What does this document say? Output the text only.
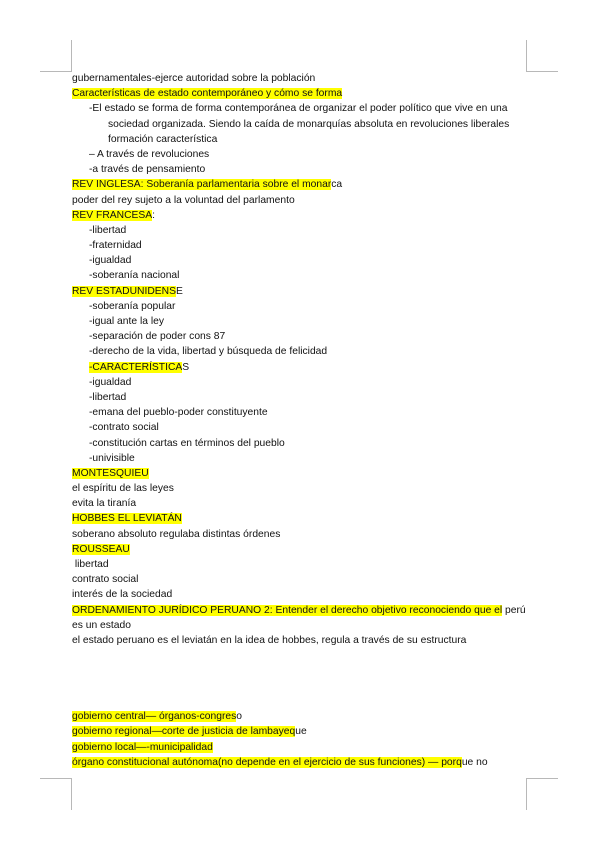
gubernamentales-ejerce autoridad sobre la población
Características de estado contemporáneo y cómo se forma
-El estado se forma de forma contemporánea de organizar el poder político que vive en una sociedad organizada. Siendo la caída de monarquías absoluta en revoluciones liberales formación característica
– A través de revoluciones
-a través de pensamiento
REV INGLESA: Soberanía parlamentaria sobre el monarca
poder del rey sujeto a la voluntad del parlamento
REV FRANCESA:
-libertad
-fraternidad
-igualdad
-soberanía nacional
REV ESTADUNIDENSE
-soberanía popular
-igual ante la ley
-separación de poder cons 87
-derecho de la vida, libertad y búsqueda de felicidad
-CARACTERÍSTICAS
-igualdad
-libertad
-emana del pueblo-poder constituyente
-contrato social
-constitución cartas en términos del pueblo
-univisible
MONTESQUIEU
el espíritu de las leyes
evita la tiranía
HOBBES EL LEVIATÁN
soberano absoluto regulaba distintas órdenes
ROUSSEAU
libertad
contrato social
interés de la sociedad
ORDENAMIENTO JURÍDICO PERUANO 2: Entender el derecho objetivo reconociendo que el perú
es un estado
el estado peruano es el leviatán en la idea de hobbes, regula a través de su estructura
gobierno central— órganos-congreso
gobierno regional—corte de justicia de lambayeque
gobierno local—-municipalidad
órgano constitucional autónoma(no depende en el ejercicio de sus funciones) — porque no
